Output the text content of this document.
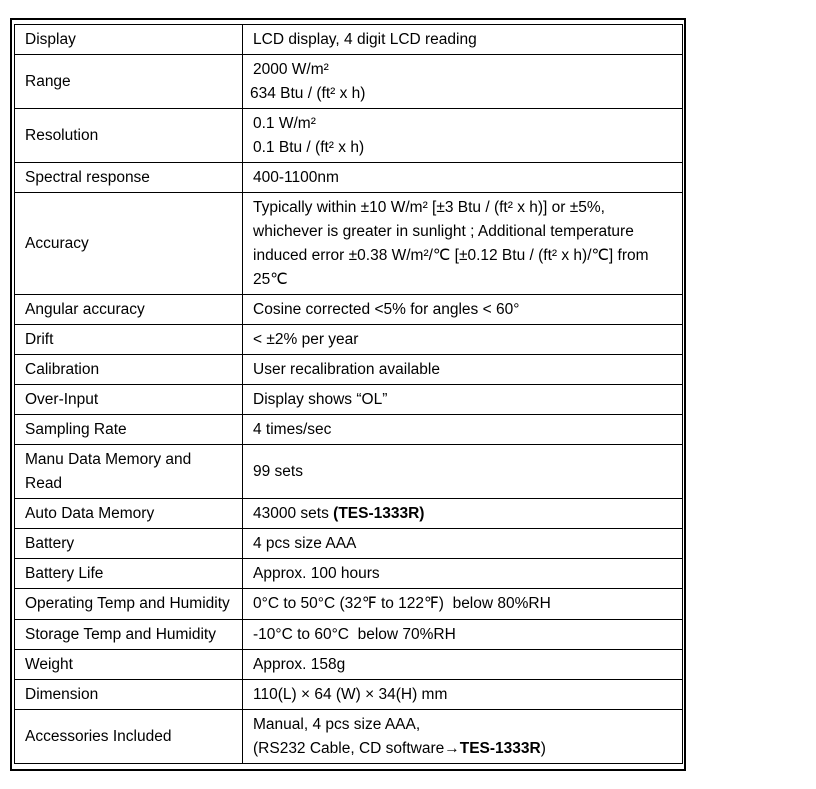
Display	LCD display, 4 digit LCD reading

Range	2000 W/m²
634 Btu / (ft² x h)

Resolution	0.1 W/m²
0.1 Btu / (ft² x h)

Spectral response	400-1100nm

Accuracy	Typically within ±10 W/m² [±3 Btu / (ft² x h)] or ±5%,
whichever is greater in sunlight ; Additional temperature
induced error ±0.38 W/m²/℃ [±0.12 Btu / (ft² x h)/℃] from
25℃

Angular accuracy	Cosine corrected <5% for angles < 60°

Drift	< ±2% per year

Calibration	User recalibration available

Over-Input	Display shows “OL”

Sampling Rate	4 times/sec

Manu Data Memory and
Read	99 sets

Auto Data Memory	43000 sets (TES-1333R)
Battery	4 pcs size AAA

Battery Life	Approx. 100 hours

Operating Temp and Humidity	0°C to 50°C (32℉ to 122℉)  below 80%RH

Storage Temp and Humidity	-10°C to 60°C  below 70%RH

Weight	Approx. 158g

Dimension	110(L) × 64 (W) × 34(H) mm

Accessories Included	Manual, 4 pcs size AAA,
(RS232 Cable, CD software→TES-1333R)
